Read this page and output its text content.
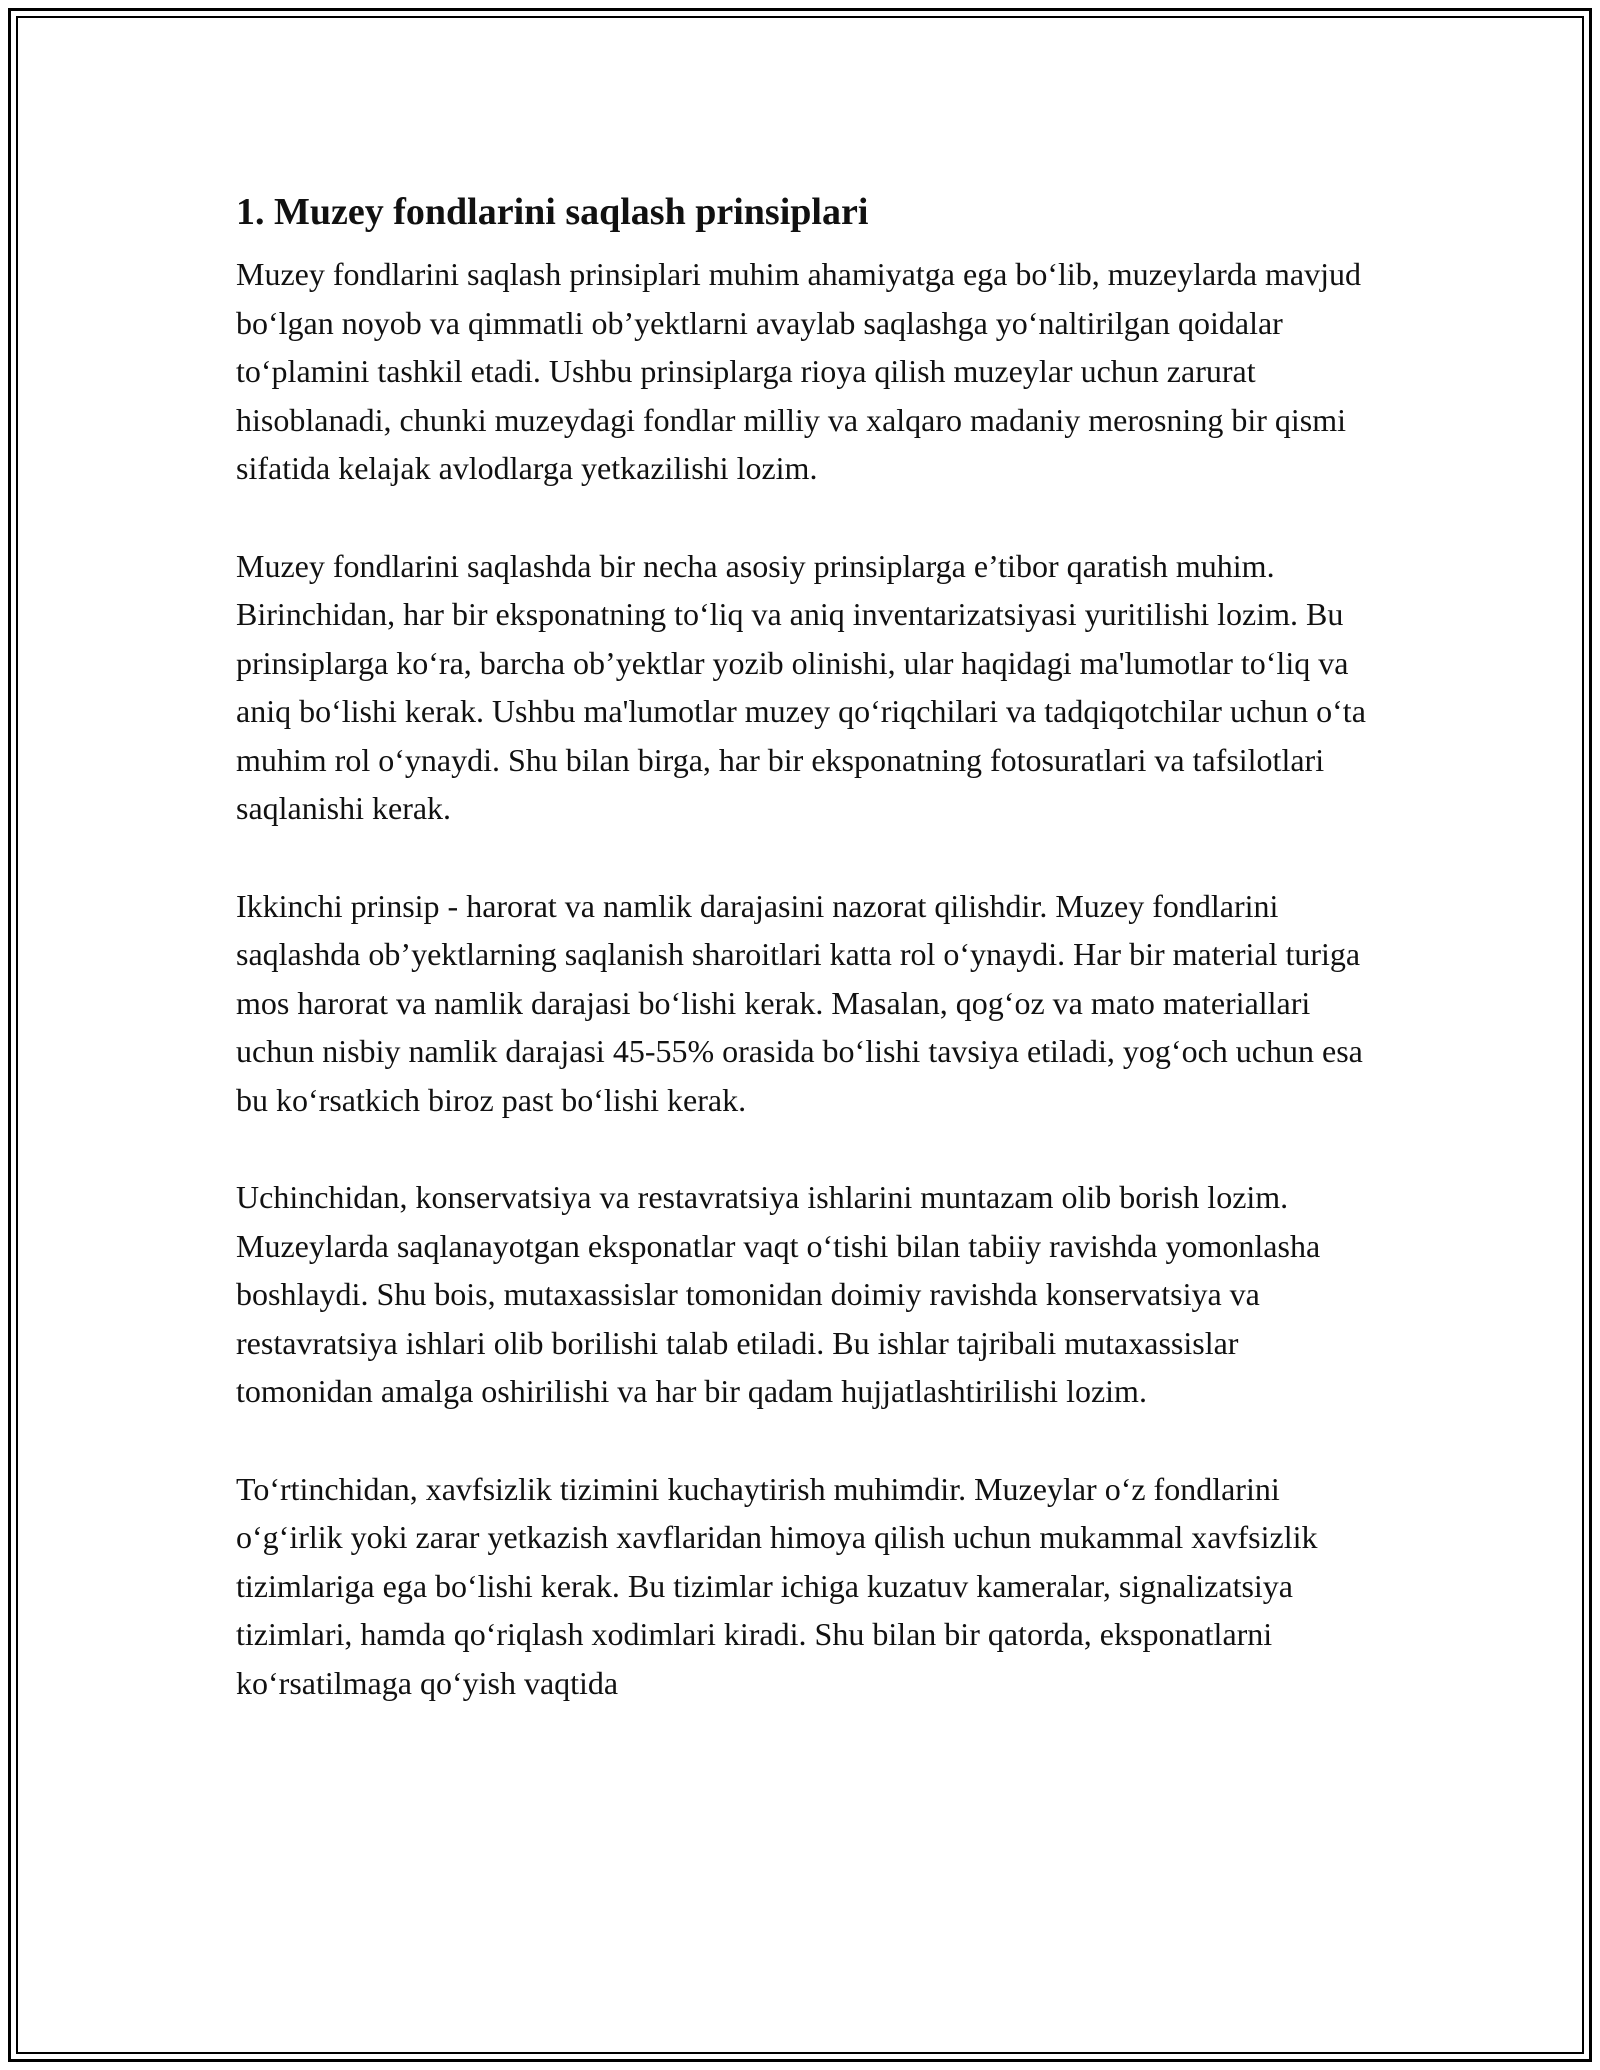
1. Muzey fondlarini saqlash prinsiplari

Muzey fondlarini saqlash prinsiplari muhim ahamiyatga ega bo‘lib, muzeylarda mavjud bo‘lgan noyob va qimmatli ob’yektlarni avaylab saqlashga yo‘naltirilgan qoidalar to‘plamini tashkil etadi. Ushbu prinsiplarga rioya qilish muzeylar uchun zarurat hisoblanadi, chunki muzeydagi fondlar milliy va xalqaro madaniy merosning bir qismi sifatida kelajak avlodlarga yetkazilishi lozim.

Muzey fondlarini saqlashda bir necha asosiy prinsiplarga e’tibor qaratish muhim. Birinchidan, har bir eksponatning to‘liq va aniq inventarizatsiyasi yuritilishi lozim. Bu prinsiplarga ko‘ra, barcha ob’yektlar yozib olinishi, ular haqidagi ma'lumotlar to‘liq va aniq bo‘lishi kerak. Ushbu ma'lumotlar muzey qo‘riqchilari va tadqiqotchilar uchun o‘ta muhim rol o‘ynaydi. Shu bilan birga, har bir eksponatning fotosuratlari va tafsilotlari saqlanishi kerak.

Ikkinchi prinsip - harorat va namlik darajasini nazorat qilishdir. Muzey fondlarini saqlashda ob’yektlarning saqlanish sharoitlari katta rol o‘ynaydi. Har bir material turiga mos harorat va namlik darajasi bo‘lishi kerak. Masalan, qog‘oz va mato materiallari uchun nisbiy namlik darajasi 45-55% orasida bo‘lishi tavsiya etiladi, yog‘och uchun esa bu ko‘rsatkich biroz past bo‘lishi kerak.

Uchinchidan, konservatsiya va restavratsiya ishlarini muntazam olib borish lozim. Muzeylarda saqlanayotgan eksponatlar vaqt o‘tishi bilan tabiiy ravishda yomonlasha boshlaydi. Shu bois, mutaxassislar tomonidan doimiy ravishda konservatsiya va restavratsiya ishlari olib borilishi talab etiladi. Bu ishlar tajribali mutaxassislar tomonidan amalga oshirilishi va har bir qadam hujjatlashtirilishi lozim.

To‘rtinchidan, xavfsizlik tizimini kuchaytirish muhimdir. Muzeylar o‘z fondlarini o‘g‘irlik yoki zarar yetkazish xavflaridan himoya qilish uchun mukammal xavfsizlik tizimlariga ega bo‘lishi kerak. Bu tizimlar ichiga kuzatuv kameralar, signalizatsiya tizimlari, hamda qo‘riqlash xodimlari kiradi. Shu bilan bir qatorda, eksponatlarni ko‘rsatilmaga qo‘yish vaqtida
